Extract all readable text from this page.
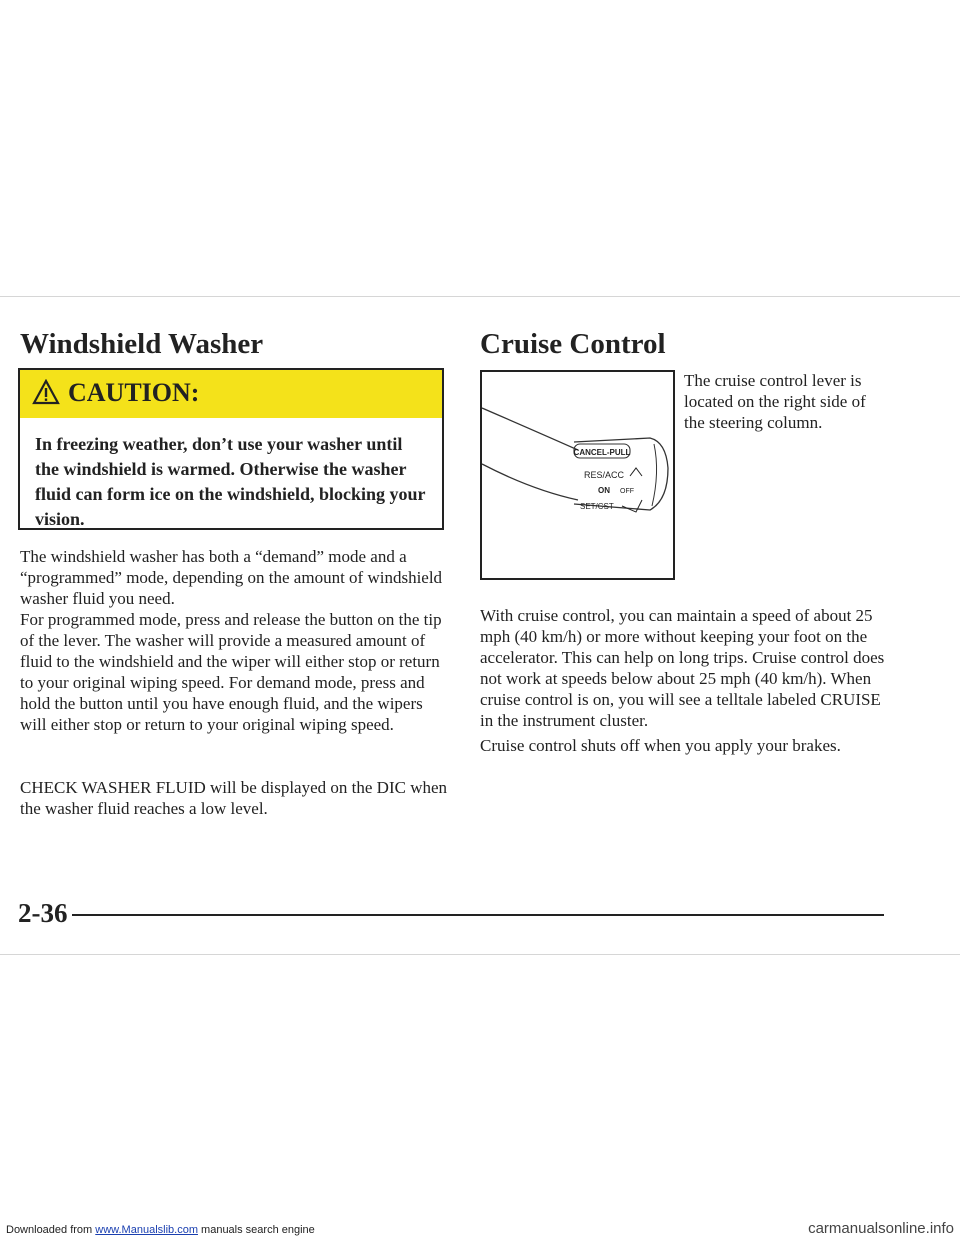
Windshield Washer	Cruise Control
CAUTION:
In freezing weather, don’t use your washer until the windshield is warmed. Otherwise the washer fluid can form ice on the windshield, blocking your vision.

The windshield washer has both a “demand” mode and a “programmed” mode, depending on the amount of windshield washer fluid you need.

For programmed mode, press and release the button on the tip of the lever. The washer will provide a measured amount of fluid to the windshield and the wiper will either stop or return to your original wiping speed. For demand mode, press and hold the button until you have enough fluid, and the wipers will either stop or return to your original wiping speed.

CHECK WASHER FLUID will be displayed on the DIC when the washer fluid reaches a low level.

CANCEL-PULL
RES/ACC
ON OFF
SET/CST

The cruise control lever is located on the right side of the steering column.

With cruise control, you can maintain a speed of about 25 mph (40 km/h) or more without keeping your foot on the accelerator. This can help on long trips. Cruise control does not work at speeds below about 25 mph (40 km/h). When cruise control is on, you will see a telltale labeled CRUISE in the instrument cluster.

Cruise control shuts off when you apply your brakes.

2-36
Downloaded from www.Manualslib.com manuals search engine	carmanualsonline.info
